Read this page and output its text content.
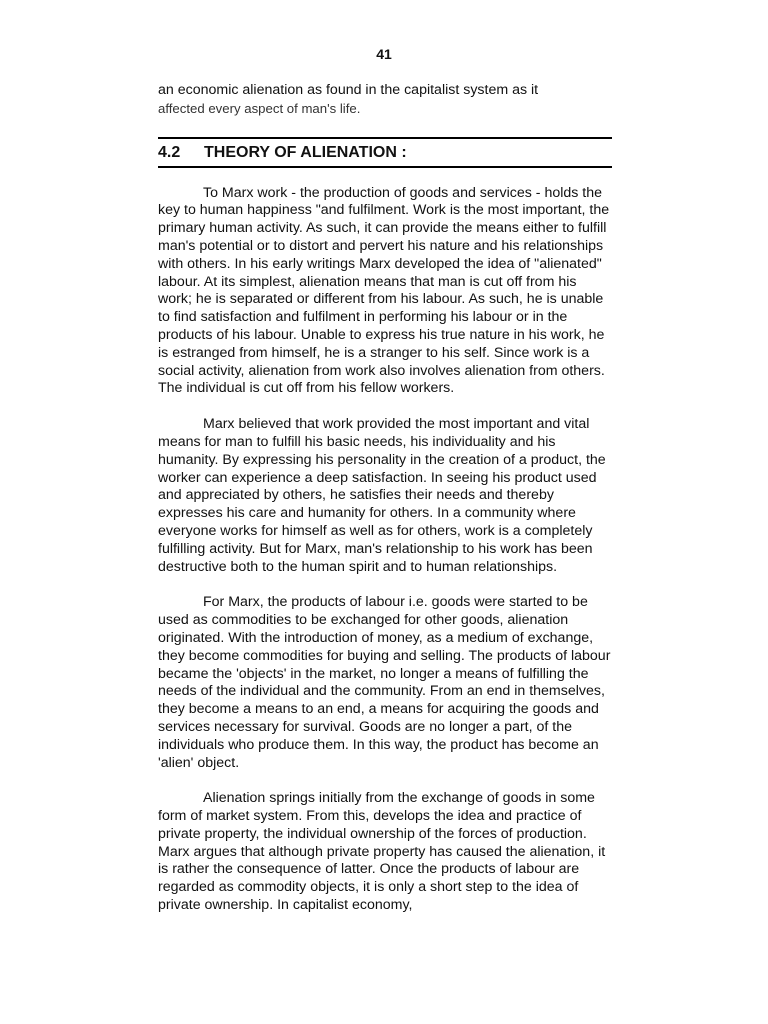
41

an economic alienation as found in the capitalist system as it
affected every aspect of man's life.

4.2	THEORY OF ALIENATION :

To Marx work - the production of goods and services - holds the key to human happiness "and fulfilment. Work is the most important, the primary human activity. As such, it can provide the means either to fulfill man's potential or to distort and pervert his nature and his relationships with others. In his early writings Marx developed the idea of "alienated" labour. At its simplest, alienation means that man is cut off from his work; he is separated or different from his labour. As such, he is unable to find satisfaction and fulfilment in performing his labour or in the products of his labour. Unable to express his true nature in his work, he is estranged from himself, he is a stranger to his self. Since work is a social activity, alienation from work also involves alienation from others. The individual is cut off from his fellow workers.

Marx believed that work provided the most important and vital means for man to fulfill his basic needs, his individuality and his humanity. By expressing his personality in the creation of a product, the worker can experience a deep satisfaction. In seeing his product used and appreciated by others, he satisfies their needs and thereby expresses his care and humanity for others. In a community where everyone works for himself as well as for others, work is a completely fulfilling activity. But for Marx, man's relationship to his work has been destructive both to the human spirit and to human relationships.

For Marx, the products of labour i.e. goods were started to be used as commodities to be exchanged for other goods, alienation originated. With the introduction of money, as a medium of exchange, they become commodities for buying and selling. The products of labour became the 'objects' in the market, no longer a means of fulfilling the needs of the individual and the community. From an end in themselves, they become a means to an end, a means for acquiring the goods and services necessary for survival. Goods are no longer a part, of the individuals who produce them. In this way, the product has become an 'alien' object.

Alienation springs initially from the exchange of goods in some form of market system. From this, develops the idea and practice of private property, the individual ownership of the forces of production. Marx argues that although private property has caused the alienation, it is rather the consequence of latter. Once the products of labour are regarded as commodity objects, it is only a short step to the idea of private ownership. In capitalist economy,
